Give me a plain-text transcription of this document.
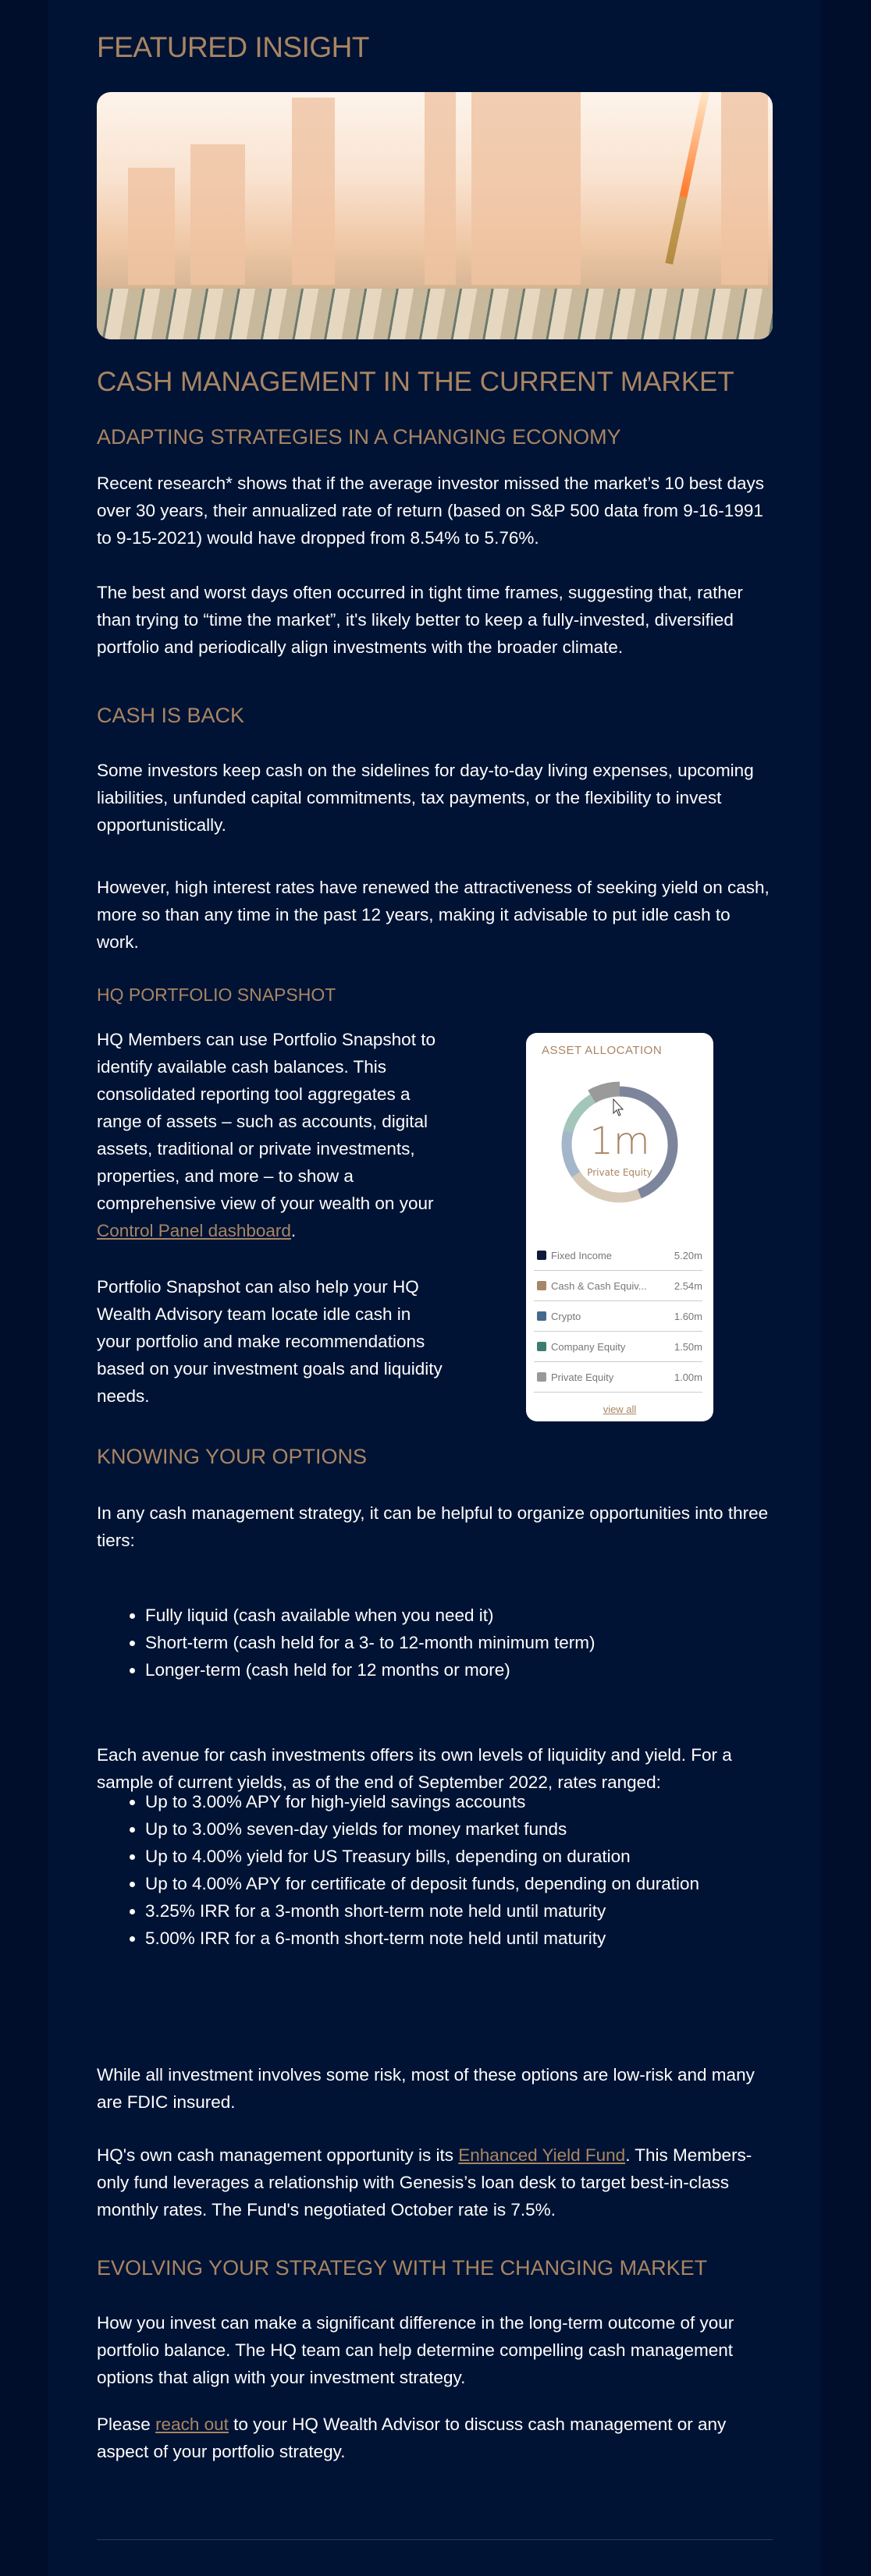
FEATURED INSIGHT
CASH MANAGEMENT IN THE CURRENT MARKET
ADAPTING STRATEGIES IN A CHANGING ECONOMY

Recent research* shows that if the average investor missed the market’s 10 best days over 30 years, their annualized rate of return (based on S&P 500 data from 9-16-1991 to 9-15-2021) would have dropped from 8.54% to 5.76%.

The best and worst days often occurred in tight time frames, suggesting that, rather than trying to “time the market”, it's likely better to keep a fully-invested, diversified portfolio and periodically align investments with the broader climate.

CASH IS BACK

Some investors keep cash on the sidelines for day-to-day living expenses, upcoming liabilities, unfunded capital commitments, tax payments, or the flexibility to invest opportunistically.

However, high interest rates have renewed the attractiveness of seeking yield on cash, more so than any time in the past 12 years, making it advisable to put idle cash to work.

HQ PORTFOLIO SNAPSHOT

HQ Members can use Portfolio Snapshot to identify available cash balances. This consolidated reporting tool aggregates a range of assets – such as accounts, digital assets, traditional or private investments, properties, and more – to show a comprehensive view of your wealth on your Control Panel dashboard.

Portfolio Snapshot can also help your HQ Wealth Advisory team locate idle cash in your portfolio and make recommendations based on your investment goals and liquidity needs.

ASSET ALLOCATION
1m
Private Equity
Fixed Income	5.20m
Cash & Cash Equiv...	2.54m
Crypto	1.60m
Company Equity	1.50m
Private Equity	1.00m
view all
KNOWING YOUR OPTIONS

In any cash management strategy, it can be helpful to organize opportunities into three tiers:

• Fully liquid (cash available when you need it)
• Short-term (cash held for a 3- to 12-month minimum term)
• Longer-term (cash held for 12 months or more)

Each avenue for cash investments offers its own levels of liquidity and yield. For a sample of current yields, as of the end of September 2022, rates ranged:

• Up to 3.00% APY for high-yield savings accounts
• Up to 3.00% seven-day yields for money market funds
• Up to 4.00% yield for US Treasury bills, depending on duration
• Up to 4.00% APY for certificate of deposit funds, depending on duration
• 3.25% IRR for a 3-month short-term note held until maturity
• 5.00% IRR for a 6-month short-term note held until maturity

While all investment involves some risk, most of these options are low-risk and many are FDIC insured.

HQ's own cash management opportunity is its Enhanced Yield Fund. This Members-only fund leverages a relationship with Genesis’s loan desk to target best-in-class monthly rates. The Fund's negotiated October rate is 7.5%.

EVOLVING YOUR STRATEGY WITH THE CHANGING MARKET

How you invest can make a significant difference in the long-term outcome of your portfolio balance. The HQ team can help determine compelling cash management options that align with your investment strategy.

Please reach out to your HQ Wealth Advisor to discuss cash management or any aspect of your portfolio strategy.
